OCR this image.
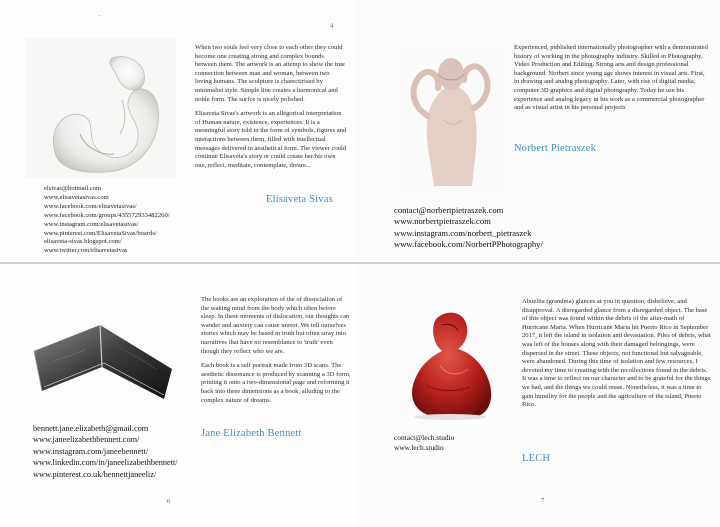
·
4

When two souls feel very close to each other they could become one creating strong and complex bounds between them. The artwork is an attemp to show the true connection between man and woman, between two loving humans. The sculpture is charectirised by minimalist style. Simple line creates a harmonical and noble form. The surfce is nicely polished.

Elisaveta Sivas's artwork is an allegorical interpretation of Human nature, existence, experiences. It is a meaningful story told in the form of symbols, figures and interactions between them, filled with intellectual messages delivered in aesthetical form. The viewer could continue Elisaveta's story or could create her/his own one, reflect, meditate, contemplate, dream...

elsivas@hotmail.com
www.elisavetasivas.com
www.facebook.com/elisavetasivas/
www.facebook.com/groups/435572933482260/
www.instagram.com/elisavetasivas/
www.pinterest.com/ElisavetaSivas/boards/
elisaveta-sivas.blogspot.com/
www.twitter.com/elisavetasivas
Elisaveta Sivas

Experienced, published internationally photographer with a demonstrated history of working in the photography industry. Skilled in Photography, Video Production and Editing. Strong arts and design professional background. Norbert since young age shows interest in visual arts. First, in drawing and analog photography. Later, with rise of digital media, computer 3D graphics and digital photography. Today he use his experience and analog legacy in his work as a commercial photographer and as visual artist in his personal projects

Norbert Pietraszek
contact@norbertpietraszek.com
www.norbertpietraszek.com
www.instagram.com/norbert_pietraszek
www.facebook.com/NorbertPPhotography/

The books are an exploration of the of dissociation of the waking mind from the body which often before sleep. In these moments of dislocation, our thoughts can wander and anxiety can cause unrest. We tell ourselves stories which may be based in truth but often stray into narratives that have no resemblance to 'truth' even though they reflect who we are.

Each book is a self portrait made from 3D scans. The aesthetic dissonance is produced by scanning a 3D form, printing it onto a two-dimensional page and reforming it back into three dimensions as a book, alluding to the complex nature of dreams.

bennett.jane.elizabeth@gmail.com
www.janeelizabethbennett.com/
www.instagram.com/janeebennett/
www.linkedin.com/in/janeelizabethbennett/
www.pinterest.co.uk/bennettjaneeliz/
Jane Elizabeth Bennett
6

Abuelita (grandma) glances at you in question, disbelieve, and disapproval. A disregarded glance from a disregarded object. The base of this object was found within the debris of the after-math of Hurricane Maria. When Hurricane Maria hit Puerto Rico in September 2017, it left the island in isolation and devastation. Piles of debris, what was left of the houses along with their damaged belongings, were dispersed in the street. These objects, not functional but salvageable, were abandoned. During this time of isolation and few resources, I devoted my time to creating with the recollections found in the debris. It was a time to reflect on our character and to be grateful for the things we had, and the things we could reuse. Nonetheless, it was a time to gain humility for the people and the agriculture of the island, Puerto Rico.

contact@lech.studio
www.lech.studio
LECH
7
